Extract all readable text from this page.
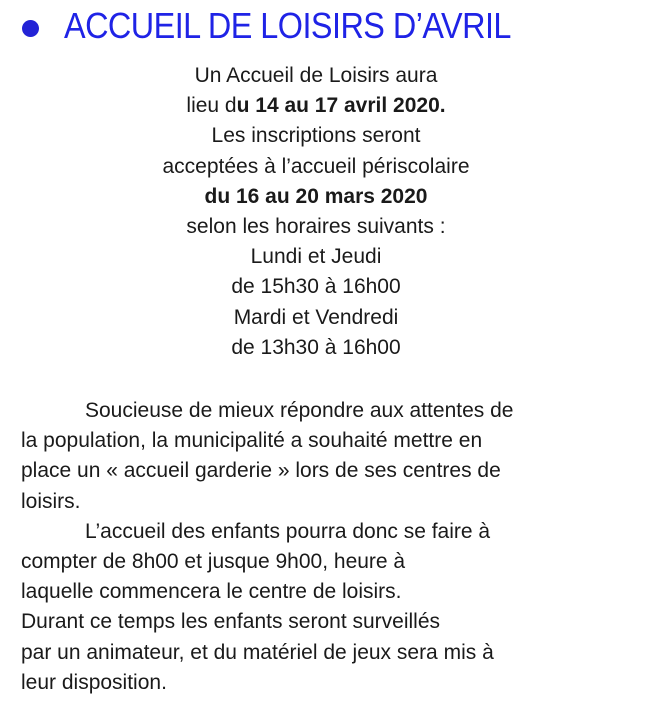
ACCUEIL DE LOISIRS D’AVRIL
Un Accueil de Loisirs aura
lieu du 14 au 17 avril 2020.
Les inscriptions seront
acceptées à l’accueil périscolaire
du 16 au 20 mars 2020
selon les horaires suivants :
Lundi et Jeudi
de 15h30 à 16h00
Mardi et Vendredi
de 13h30 à 16h00
Soucieuse de mieux répondre aux attentes de
la population, la municipalité a souhaité mettre en
place un « accueil garderie » lors de ses centres de
loisirs.
L’accueil des enfants pourra donc se faire à
compter de 8h00 et jusque 9h00, heure à
laquelle commencera le centre de loisirs.
Durant ce temps les enfants seront surveillés
par un animateur, et du matériel de jeux sera mis à
leur disposition.
